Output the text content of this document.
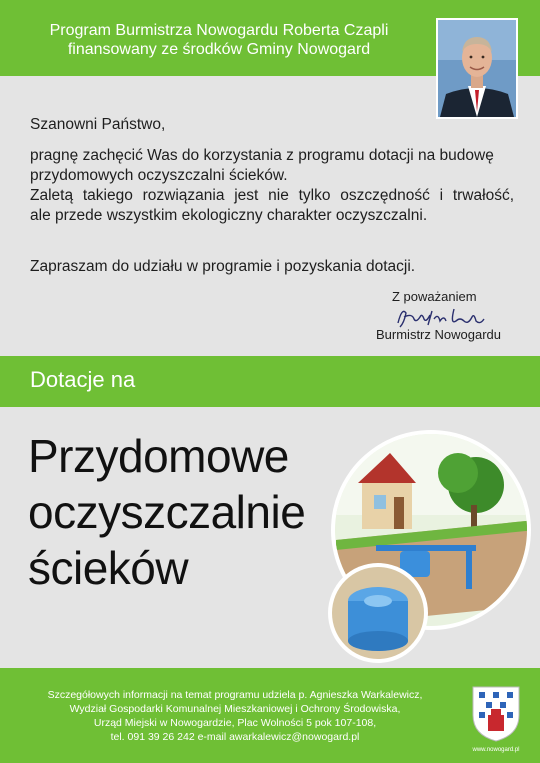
Program Burmistrza Nowogardu Roberta Czapli
finansowany ze środków Gminy Nowogard
Szanowni Państwo,
pragnę zachęcić Was do korzystania z programu dotacji na budowę
przydomowych oczyszczalni ścieków.
Zaletą takiego rozwiązania jest nie tylko oszczędność i trwałość,
ale przede wszystkim ekologiczny charakter oczyszczalni.
Zapraszam do udziału w programie i pozyskania dotacji.
Z poważaniem
Burmistrz Nowogardu
Dotacje na
Przydomowe
oczyszczalnie
ścieków
Szczegółowych informacji na temat programu udziela p. Agnieszka Warkalewicz,
Wydział Gospodarki Komunalnej Mieszkaniowej i Ochrony Środowiska,
Urząd Miejski w Nowogardzie, Plac Wolności 5 pok 107-108,
tel. 091 39 26 242 e-mail awarkalewicz@nowogard.pl
www.nowogard.pl
